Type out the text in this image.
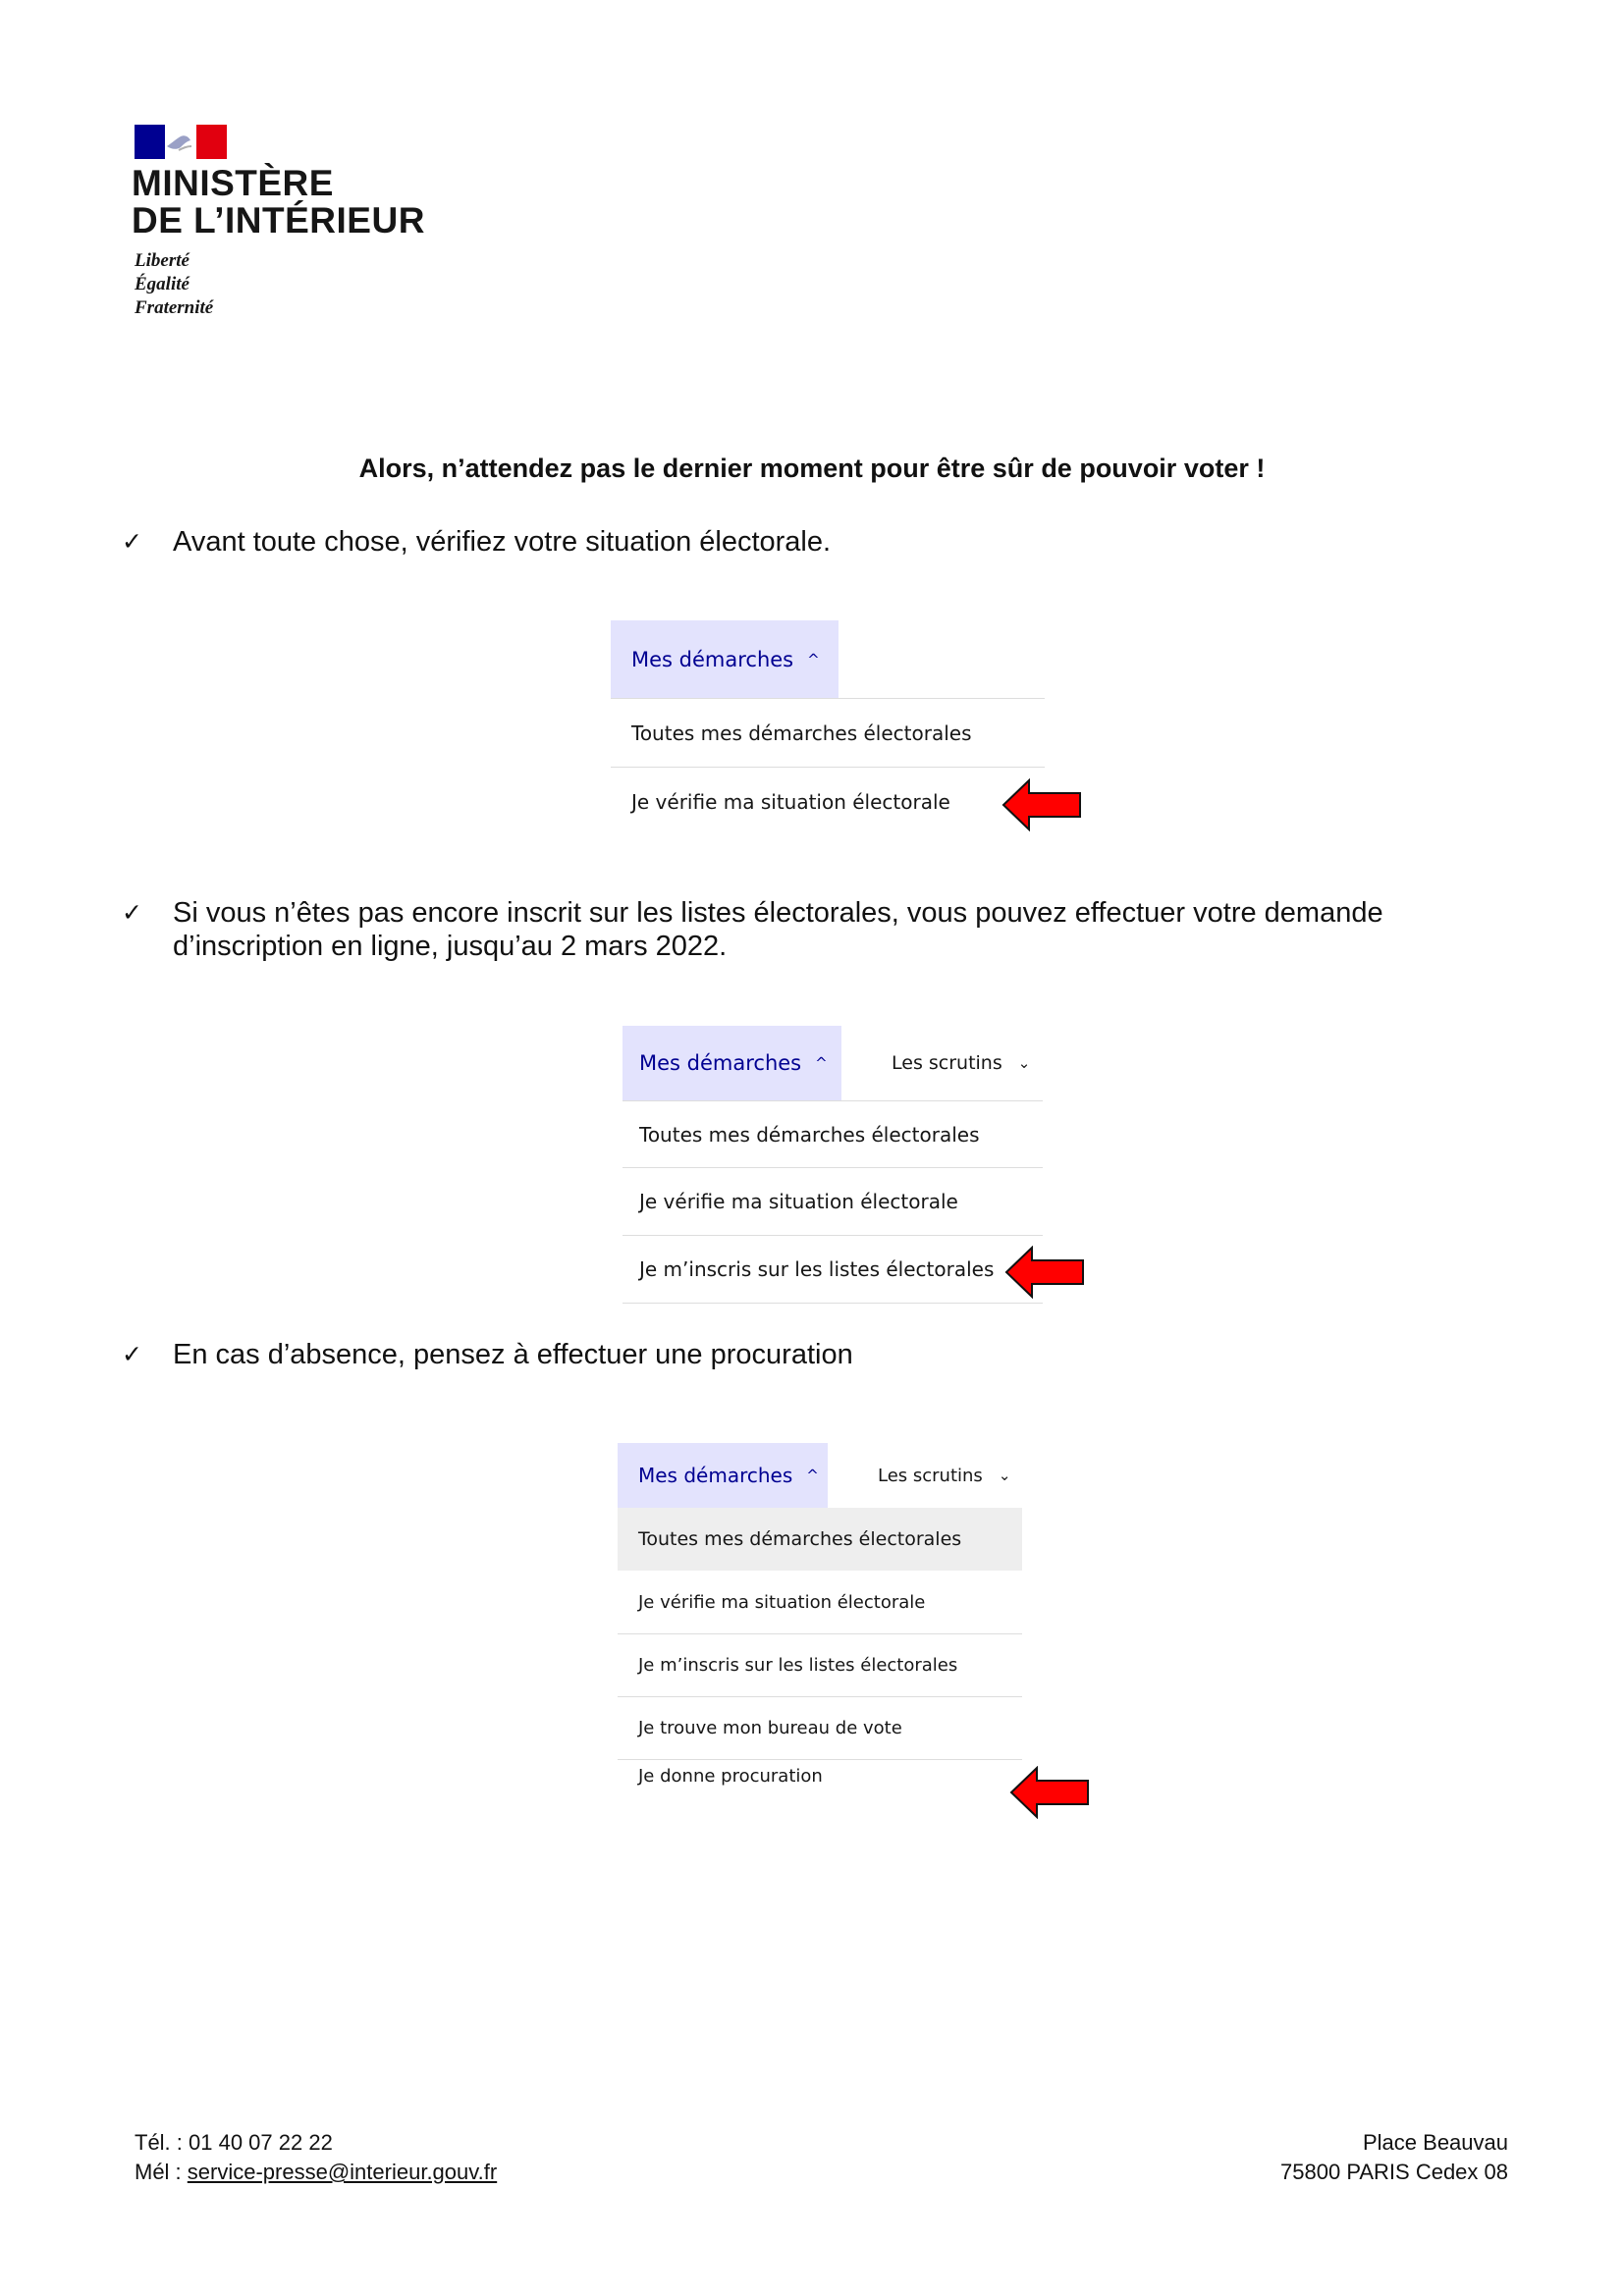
MINISTÈRE
DE L’INTÉRIEUR
Liberté
Égalité
Fraternité
Alors, n’attendez pas le dernier moment pour être sûr de pouvoir voter !
✓ Avant toute chose, vérifiez votre situation électorale.
Mes démarches ^
Toutes mes démarches électorales
Je vérifie ma situation électorale
✓ Si vous n’êtes pas encore inscrit sur les listes électorales, vous pouvez effectuer votre demande d’inscription en ligne, jusqu’au 2 mars 2022.
Mes démarches ^	Les scrutins ⌄
Toutes mes démarches électorales
Je vérifie ma situation électorale
Je m’inscris sur les listes électorales
✓ En cas d’absence, pensez à effectuer une procuration
Mes démarches ^	Les scrutins ⌄
Toutes mes démarches électorales
Je vérifie ma situation électorale
Je m’inscris sur les listes électorales
Je trouve mon bureau de vote
Je donne procuration
Tél. : 01 40 07 22 22
Mél : service-presse@interieur.gouv.fr
Place Beauvau
75800 PARIS Cedex 08
